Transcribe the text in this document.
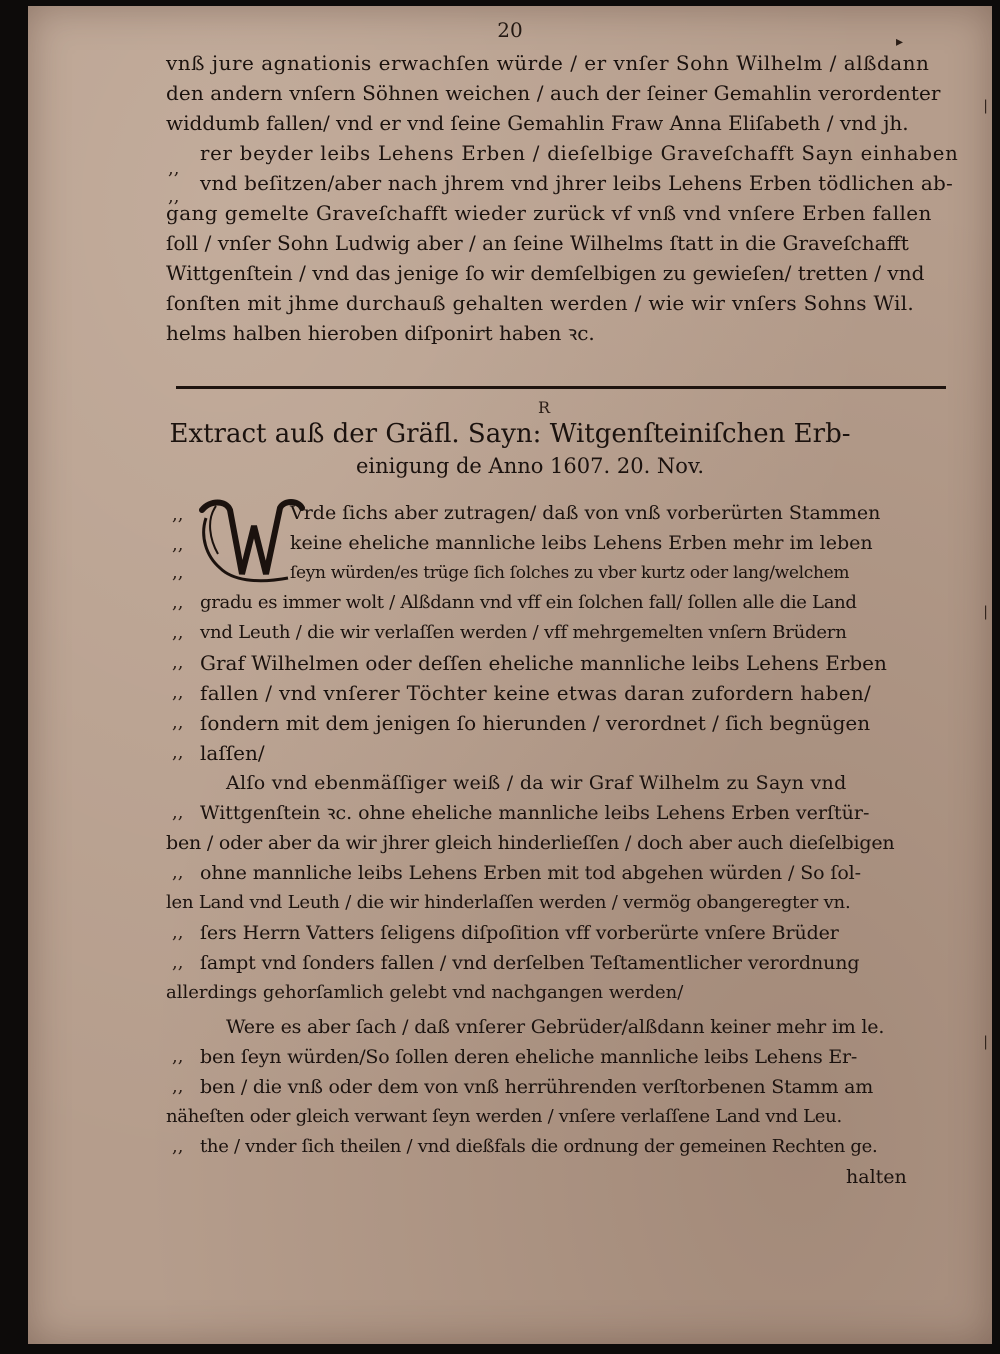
20	▸
|
|
|
,,
,,
vnß jure agnationis erwachſen würde / er vnſer Sohn Wilhelm / alßdann
den andern vnſern Söhnen weichen / auch der ſeiner Gemahlin verordenter
widdumb fallen/ vnd er vnd ſeine Gemahlin Fraw Anna Eliſabeth / vnd jh.
rer beyder leibs Lehens Erben / dieſelbige Graveſchafft Sayn einhaben
vnd beſitzen/aber nach jhrem vnd jhrer leibs Lehens Erben tödlichen ab-
gang gemelte Graveſchafft wieder zurück vf vnß vnd vnſere Erben fallen
ſoll / vnſer Sohn Ludwig aber / an ſeine Wilhelms ſtatt in die Graveſchafft
Wittgenſtein / vnd das jenige ſo wir demſelbigen zu gewieſen/ tretten / vnd
ſonſten mit jhme durchauß gehalten werden / wie wir vnſers Sohns Wil.
helms halben hieroben diſponirt haben ꝛc.
R
Extract auß der Gräfl. Sayn: Witgenſteiniſchen Erb-
einigung de Anno 1607. 20. Nov.
W
,,
,,
,,
,,
,,
,,
,,
,,
,,
,,
,,
,,
,,
,,
,,
,,
Vrde ſichs aber zutragen/ daß von vnß vorberürten Stammen
keine eheliche mannliche leibs Lehens Erben mehr im leben
ſeyn würden/es trüge ſich ſolches zu vber kurtz oder lang/welchem
gradu es immer wolt / Alßdann vnd vff ein ſolchen fall/ ſollen alle die Land
vnd Leuth / die wir verlaſſen werden / vff mehrgemelten vnſern Brüdern
Graf Wilhelmen oder deſſen eheliche mannliche leibs Lehens Erben
fallen / vnd vnſerer Töchter keine etwas daran zufordern haben/
ſondern mit dem jenigen ſo hierunden / verordnet / ſich begnügen
laſſen/
Alſo vnd ebenmäſſiger weiß / da wir Graf Wilhelm zu Sayn vnd
Wittgenſtein ꝛc. ohne eheliche mannliche leibs Lehens Erben verſtür-
ben / oder aber da wir jhrer gleich hinderlieſſen / doch aber auch dieſelbigen
ohne mannliche leibs Lehens Erben mit tod abgehen würden / So ſol-
len Land vnd Leuth / die wir hinderlaſſen werden / vermög obangeregter vn.
ſers Herrn Vatters ſeligens diſpoſition vff vorberürte vnſere Brüder
ſampt vnd ſonders fallen / vnd derſelben Teſtamentlicher verordnung
allerdings gehorſamlich gelebt vnd nachgangen werden/
Were es aber ſach / daß vnſerer Gebrüder/alßdann keiner mehr im le.
ben ſeyn würden/So ſollen deren eheliche mannliche leibs Lehens Er-
ben / die vnß oder dem von vnß herrührenden verſtorbenen Stamm am
näheſten oder gleich verwant ſeyn werden / vnſere verlaſſene Land vnd Leu.
the / vnder ſich theilen / vnd dießfals die ordnung der gemeinen Rechten ge.
halten
